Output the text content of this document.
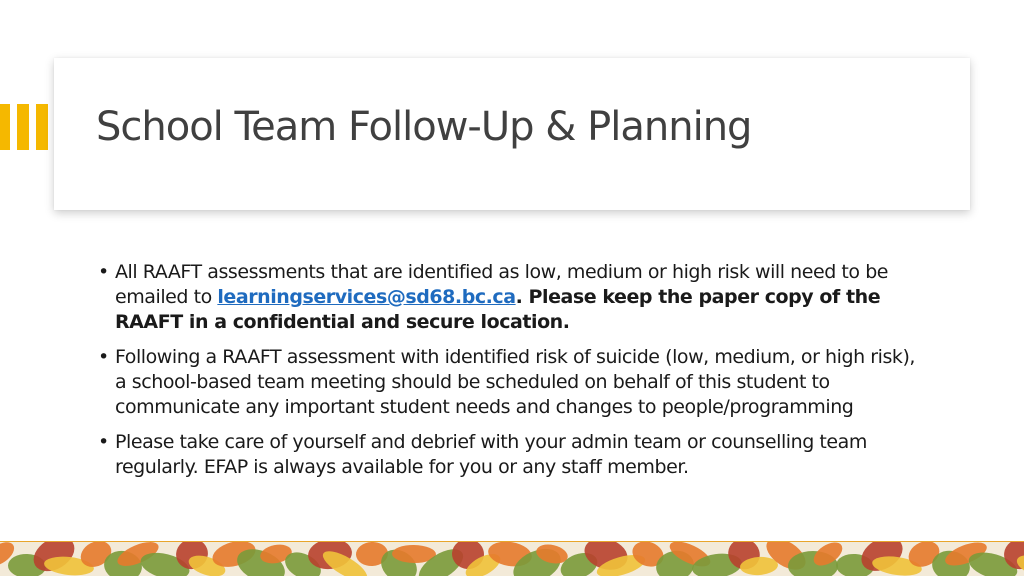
School Team Follow-Up & Planning
• All RAAFT assessments that are identified as low, medium or high risk will need to be emailed to learningservices@sd68.bc.ca. Please keep the paper copy of the RAAFT in a confidential and secure location.
• Following a RAAFT assessment with identified risk of suicide (low, medium, or high risk), a school-based team meeting should be scheduled on behalf of this student to communicate any important student needs and changes to people/programming
• Please take care of yourself and debrief with your admin team or counselling team regularly. EFAP is always available for you or any staff member.
